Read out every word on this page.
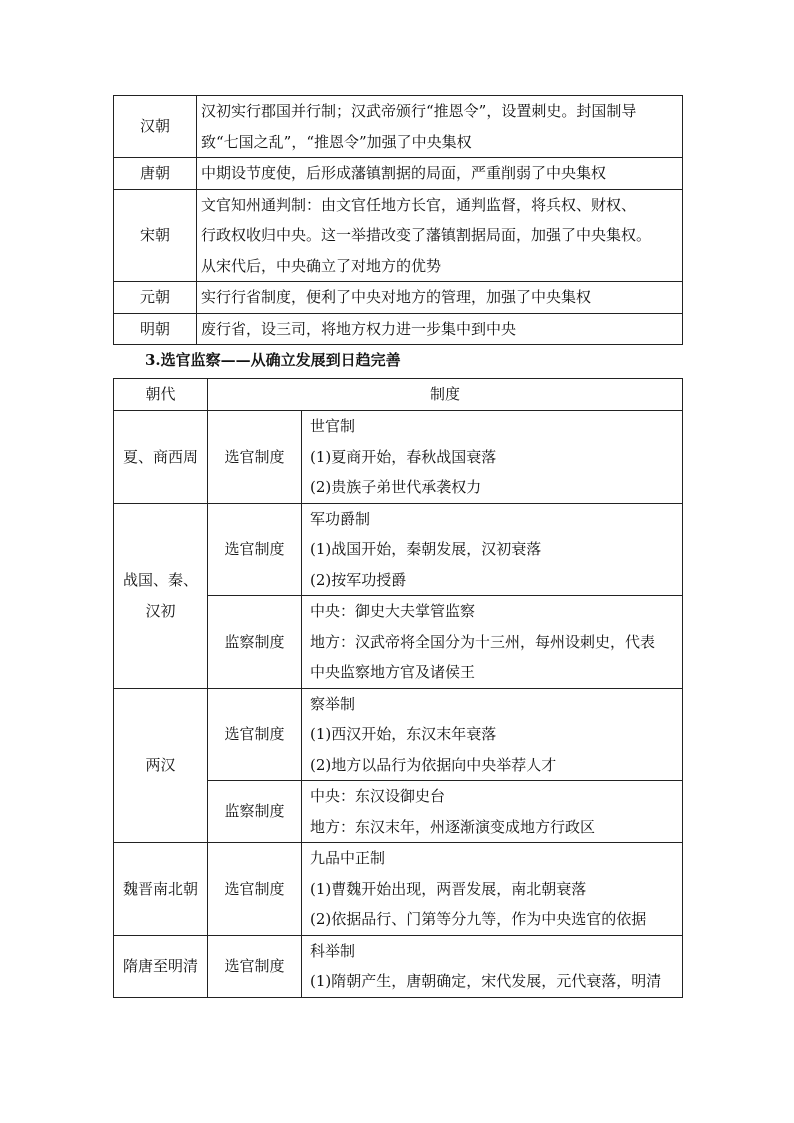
汉朝	汉初实行郡国并行制；汉武帝颁行“推恩令”，设置刺史。封国制导
致“七国之乱”，“推恩令”加强了中央集权

唐朝	中期设节度使，后形成藩镇割据的局面，严重削弱了中央集权

宋朝	文官知州通判制：由文官任地方长官，通判监督，将兵权、财权、
行政权收归中央。这一举措改变了藩镇割据局面，加强了中央集权。
从宋代后，中央确立了对地方的优势

元朝	实行行省制度，便利了中央对地方的管理，加强了中央集权

明朝	废行省，设三司，将地方权力进一步集中到中央
3.选官监察——从确立发展到日趋完善
朝代	制度	
夏、商西周	选官制度	世官制
(1)夏商开始，春秋战国衰落
(2)贵族子弟世代承袭权力

战国、秦、
汉初	选官制度	军功爵制
(1)战国开始，秦朝发展，汉初衰落
(2)按军功授爵

	监察制度	中央：御史大夫掌管监察
地方：汉武帝将全国分为十三州，每州设刺史，代表
中央监察地方官及诸侯王

两汉	选官制度	察举制
(1)西汉开始，东汉末年衰落
(2)地方以品行为依据向中央举荐人才

	监察制度	中央：东汉设御史台
地方：东汉末年，州逐渐演变成地方行政区

魏晋南北朝	选官制度	九品中正制
(1)曹魏开始出现，两晋发展，南北朝衰落
(2)依据品行、门第等分九等，作为中央选官的依据

隋唐至明清	选官制度	科举制
(1)隋朝产生，唐朝确定，宋代发展，元代衰落，明清
